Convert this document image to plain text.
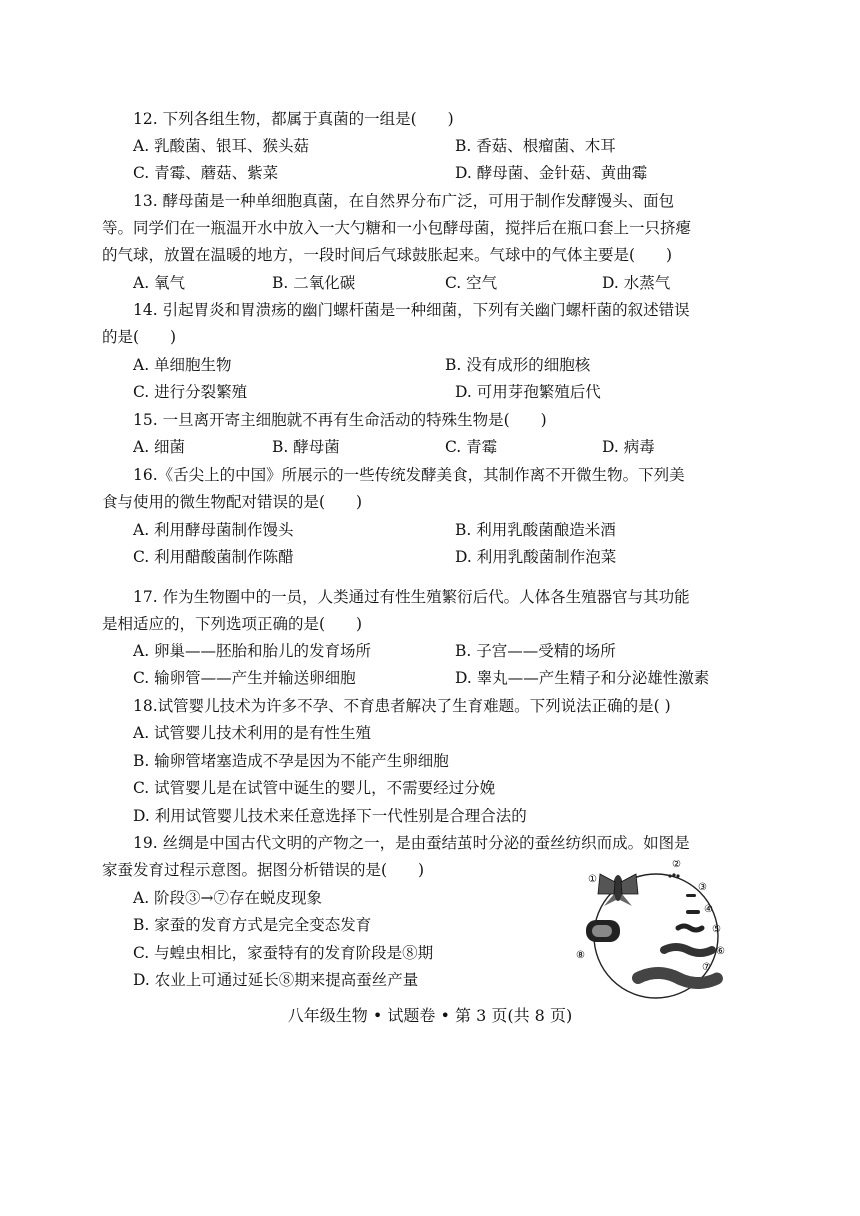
12. 下列各组生物，都属于真菌的一组是(　　)
A. 乳酸菌、银耳、猴头菇	B. 香菇、根瘤菌、木耳
C. 青霉、蘑菇、紫菜	D. 酵母菌、金针菇、黄曲霉
13. 酵母菌是一种单细胞真菌，在自然界分布广泛，可用于制作发酵馒头、面包
等。同学们在一瓶温开水中放入一大勺糖和一小包酵母菌，搅拌后在瓶口套上一只挤瘪
的气球，放置在温暖的地方，一段时间后气球鼓胀起来。气球中的气体主要是(　　)
A. 氧气	B. 二氧化碳	C. 空气	D. 水蒸气
14. 引起胃炎和胃溃疡的幽门螺杆菌是一种细菌，下列有关幽门螺杆菌的叙述错误
的是(　　)
A. 单细胞生物	B. 没有成形的细胞核
C. 进行分裂繁殖	D. 可用芽孢繁殖后代
15. 一旦离开寄主细胞就不再有生命活动的特殊生物是(　　)
A. 细菌	B. 酵母菌	C. 青霉	D. 病毒
16.《舌尖上的中国》所展示的一些传统发酵美食，其制作离不开微生物。下列美
食与使用的微生物配对错误的是(　　)
A. 利用酵母菌制作馒头	B. 利用乳酸菌酿造米酒
C. 利用醋酸菌制作陈醋	D. 利用乳酸菌制作泡菜
17. 作为生物圈中的一员，人类通过有性生殖繁衍后代。人体各生殖器官与其功能
是相适应的，下列选项正确的是(　　)
A. 卵巢——胚胎和胎儿的发育场所	B. 子宫——受精的场所
C. 输卵管——产生并输送卵细胞	D. 睾丸——产生精子和分泌雄性激素
18.试管婴儿技术为许多不孕、不育患者解决了生育难题。下列说法正确的是( )
A. 试管婴儿技术利用的是有性生殖
B. 输卵管堵塞造成不孕是因为不能产生卵细胞
C. 试管婴儿是在试管中诞生的婴儿，不需要经过分娩
D. 利用试管婴儿技术来任意选择下一代性别是合理合法的
19. 丝绸是中国古代文明的产物之一，是由蚕结茧时分泌的蚕丝纺织而成。如图是
家蚕发育过程示意图。据图分析错误的是(　　)
A. 阶段③→⑦存在蜕皮现象
B. 家蚕的发育方式是完全变态发育
C. 与蝗虫相比，家蚕特有的发育阶段是⑧期
D. 农业上可通过延长⑧期来提高蚕丝产量
①
②
③
④
⑤
⑥
⑦
⑧
八年级生物 • 试题卷 • 第 3 页(共 8 页)
